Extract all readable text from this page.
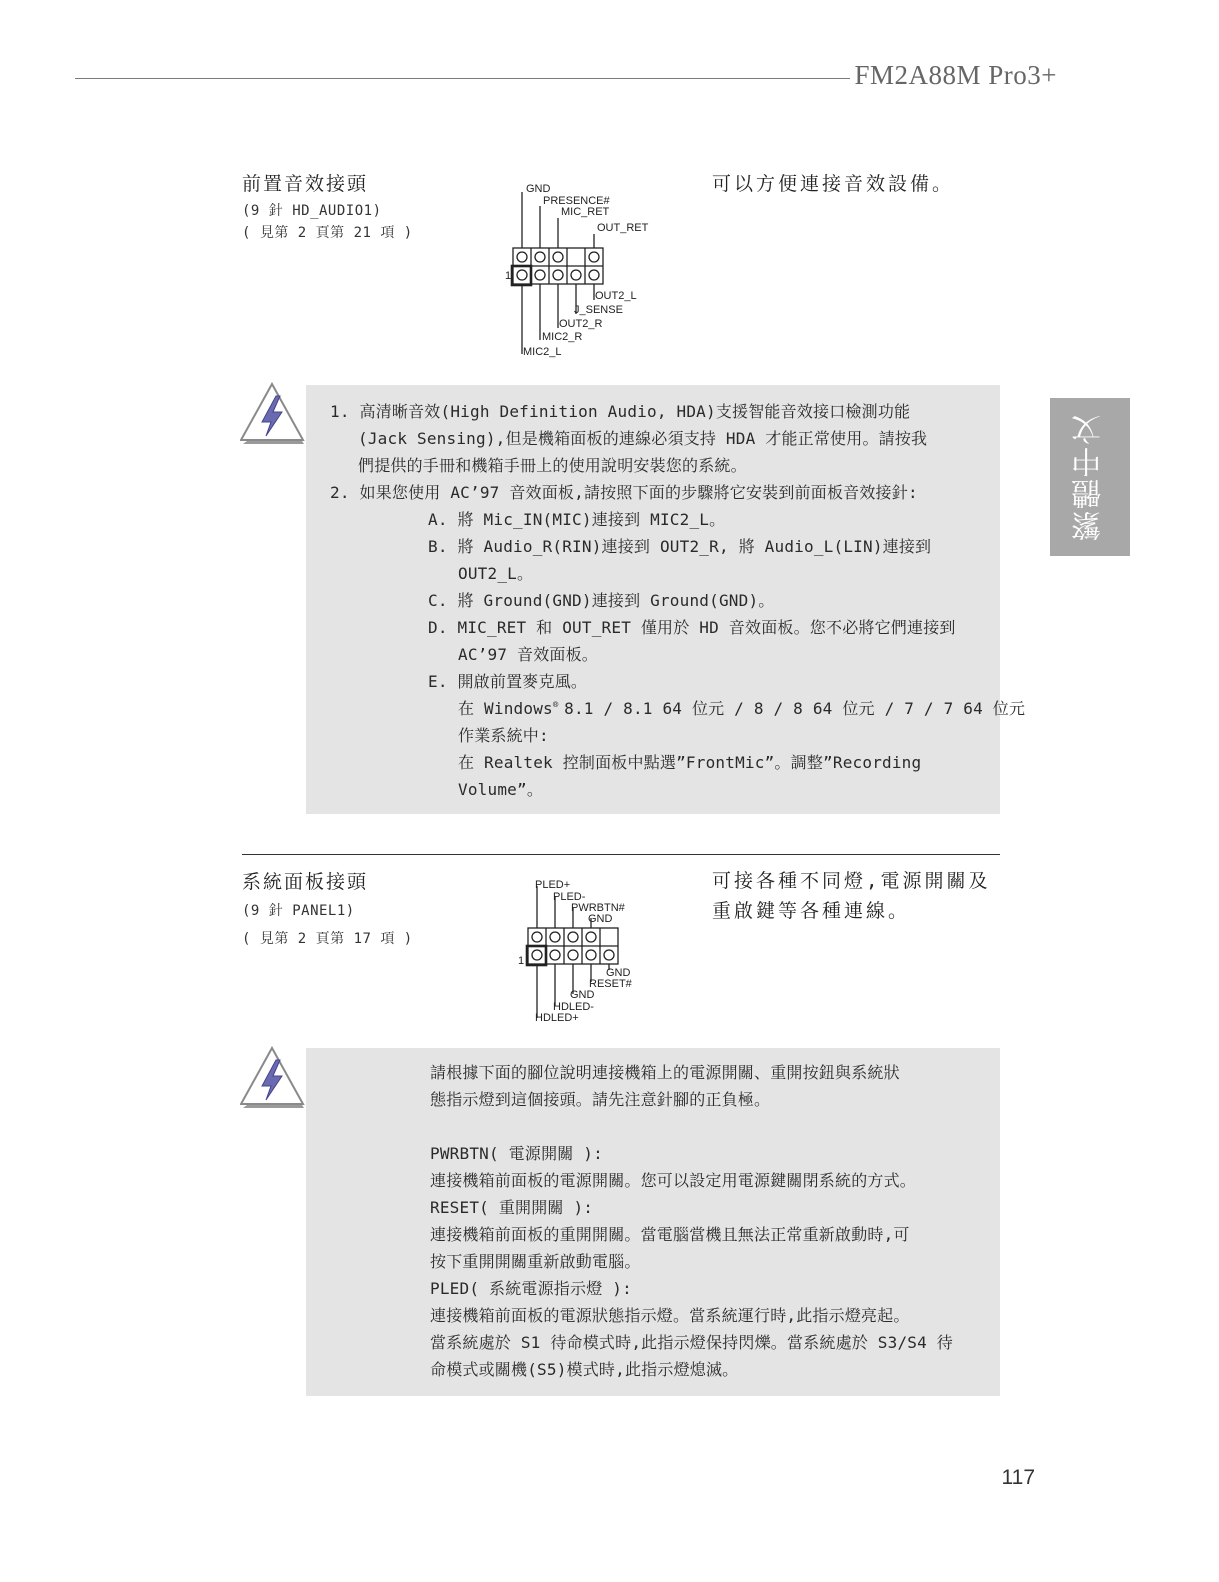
FM2A88M Pro3+
繁體中文
前置音效接頭
(9 針 HD_AUDIO1)
( 見第 2 頁第 21 項 )
可以方便連接音效設備。
1
GND
PRESENCE#
MIC_RET
OUT_RET
OUT2_L
J_SENSE
OUT2_R
MIC2_R
MIC2_L
1. 高清晰音效(High Definition Audio, HDA)支援智能音效接口檢測功能
(Jack Sensing),但是機箱面板的連線必須支持 HDA 才能正常使用。請按我
們提供的手冊和機箱手冊上的使用說明安裝您的系統。
2. 如果您使用 AC’97 音效面板,請按照下面的步驟將它安裝到前面板音效接針:
A. 將 Mic_IN(MIC)連接到 MIC2_L。
B. 將 Audio_R(RIN)連接到 OUT2_R, 將 Audio_L(LIN)連接到
OUT2_L。
C. 將 Ground(GND)連接到 Ground(GND)。
D. MIC_RET 和 OUT_RET 僅用於 HD 音效面板。您不必將它們連接到
AC’97 音效面板。
E. 開啟前置麥克風。
在 Windows® 8.1 / 8.1 64 位元 / 8 / 8 64 位元 / 7 / 7 64 位元
作業系統中:
在 Realtek 控制面板中點選”FrontMic”。調整”Recording
Volume”。
系統面板接頭
(9 針 PANEL1)
( 見第 2 頁第 17 項 )
可接各種不同燈,電源開關及
重啟鍵等各種連線。
1
PLED+
PLED-
PWRBTN#
GND
GND
RESET#
GND
HDLED-
HDLED+
請根據下面的腳位說明連接機箱上的電源開關、重開按鈕與系統狀
態指示燈到這個接頭。請先注意針腳的正負極。
PWRBTN( 電源開關 ):
連接機箱前面板的電源開關。您可以設定用電源鍵關閉系統的方式。
RESET( 重開開關 ):
連接機箱前面板的重開開關。當電腦當機且無法正常重新啟動時,可
按下重開開關重新啟動電腦。
PLED( 系統電源指示燈 ):
連接機箱前面板的電源狀態指示燈。當系統運行時,此指示燈亮起。
當系統處於 S1 待命模式時,此指示燈保持閃爍。當系統處於 S3/S4 待
命模式或關機(S5)模式時,此指示燈熄滅。
117
